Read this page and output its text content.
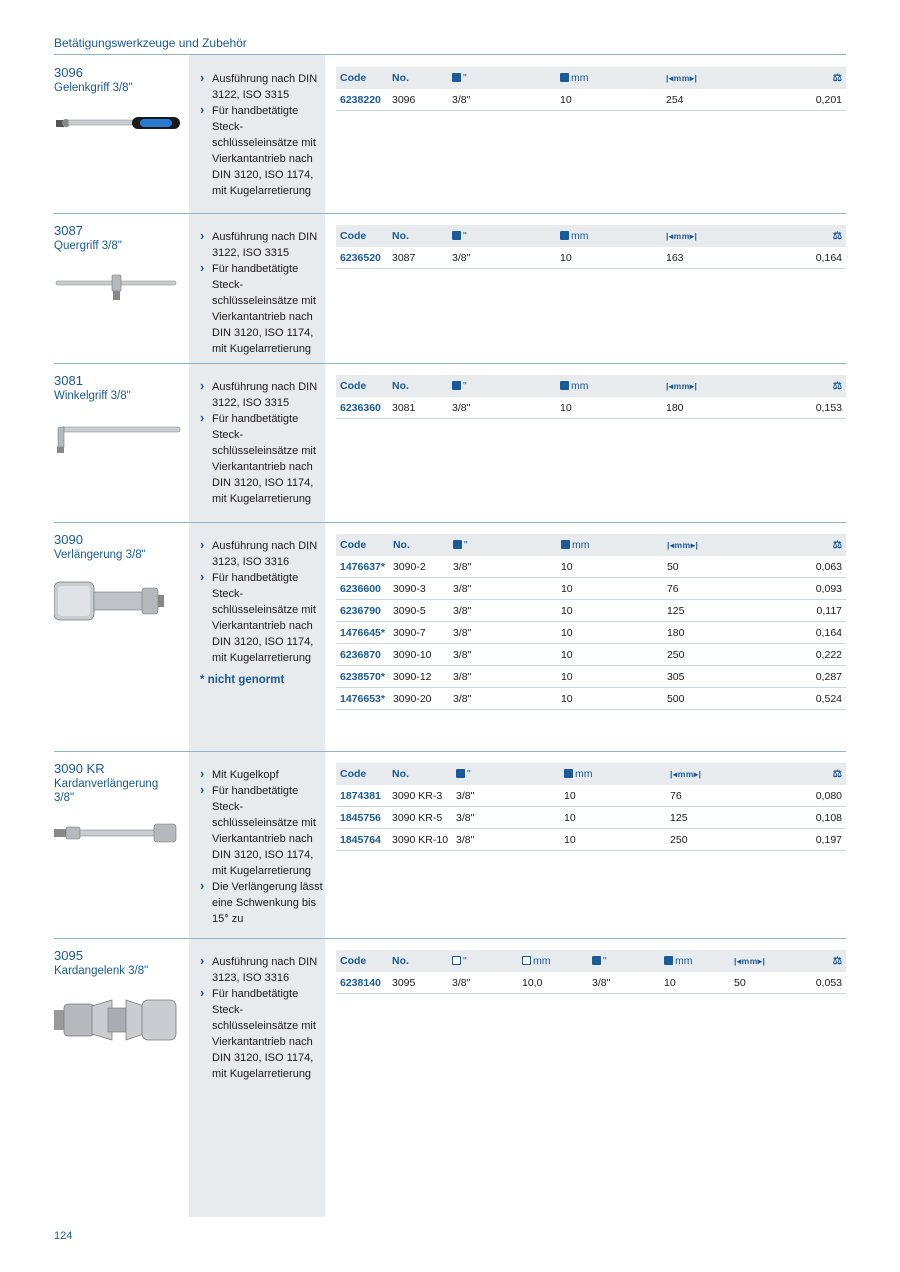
Betätigungswerkzeuge und Zubehör
3096
Gelenkgriff 3/8"
› Ausführung nach DIN 3122, ISO 3315
› Für handbetätigte Steckschlüsseleinsätze mit Vierkantantrieb nach DIN 3120, ISO 1174, mit Kugelarretierung
Code	No.	"	mm	|◂mm▸|	⚖
6238220	3096	3/8"	10	254	0,201
3087
Quergriff 3/8"
› Ausführung nach DIN 3122, ISO 3315
› Für handbetätigte Steckschlüsseleinsätze mit Vierkantantrieb nach DIN 3120, ISO 1174, mit Kugelarretierung
Code	No.	"	mm	|◂mm▸|	⚖
6236520	3087	3/8"	10	163	0,164
3081
Winkelgriff 3/8"
› Ausführung nach DIN 3122, ISO 3315
› Für handbetätigte Steckschlüsseleinsätze mit Vierkantantrieb nach DIN 3120, ISO 1174, mit Kugelarretierung
Code	No.	"	mm	|◂mm▸|	⚖
6236360	3081	3/8"	10	180	0,153
3090
Verlängerung 3/8"
› Ausführung nach DIN 3123, ISO 3316
› Für handbetätigte Steckschlüsseleinsätze mit Vierkantantrieb nach DIN 3120, ISO 1174, mit Kugelarretierung
* nicht genormt
Code	No.	"	mm	|◂mm▸|	⚖
1476637*	3090-2	3/8"	10	50	0,063
6236600	3090-3	3/8"	10	76	0,093
6236790	3090-5	3/8"	10	125	0,117
1476645*	3090-7	3/8"	10	180	0,164
6236870	3090-10	3/8"	10	250	0,222
6238570*	3090-12	3/8"	10	305	0,287
1476653*	3090-20	3/8"	10	500	0,524
3090 KR
Kardanverlängerung 3/8"
› Mit Kugelkopf
› Für handbetätigte Steckschlüsseleinsätze mit Vierkantantrieb nach DIN 3120, ISO 1174, mit Kugelarretierung
› Die Verlängerung lässt eine Schwenkung bis 15° zu
Code	No.	"	mm	|◂mm▸|	⚖
1874381	3090 KR-3	3/8"	10	76	0,080
1845756	3090 KR-5	3/8"	10	125	0,108
1845764	3090 KR-10	3/8"	10	250	0,197
3095
Kardangelenk 3/8"
› Ausführung nach DIN 3123, ISO 3316
› Für handbetätigte Steckschlüsseleinsätze mit Vierkantantrieb nach DIN 3120, ISO 1174, mit Kugelarretierung
Code	No.	"	mm	"	mm	|◂mm▸|	⚖
6238140	3095	3/8"	10,0	3/8"	10	50	0,053
124
